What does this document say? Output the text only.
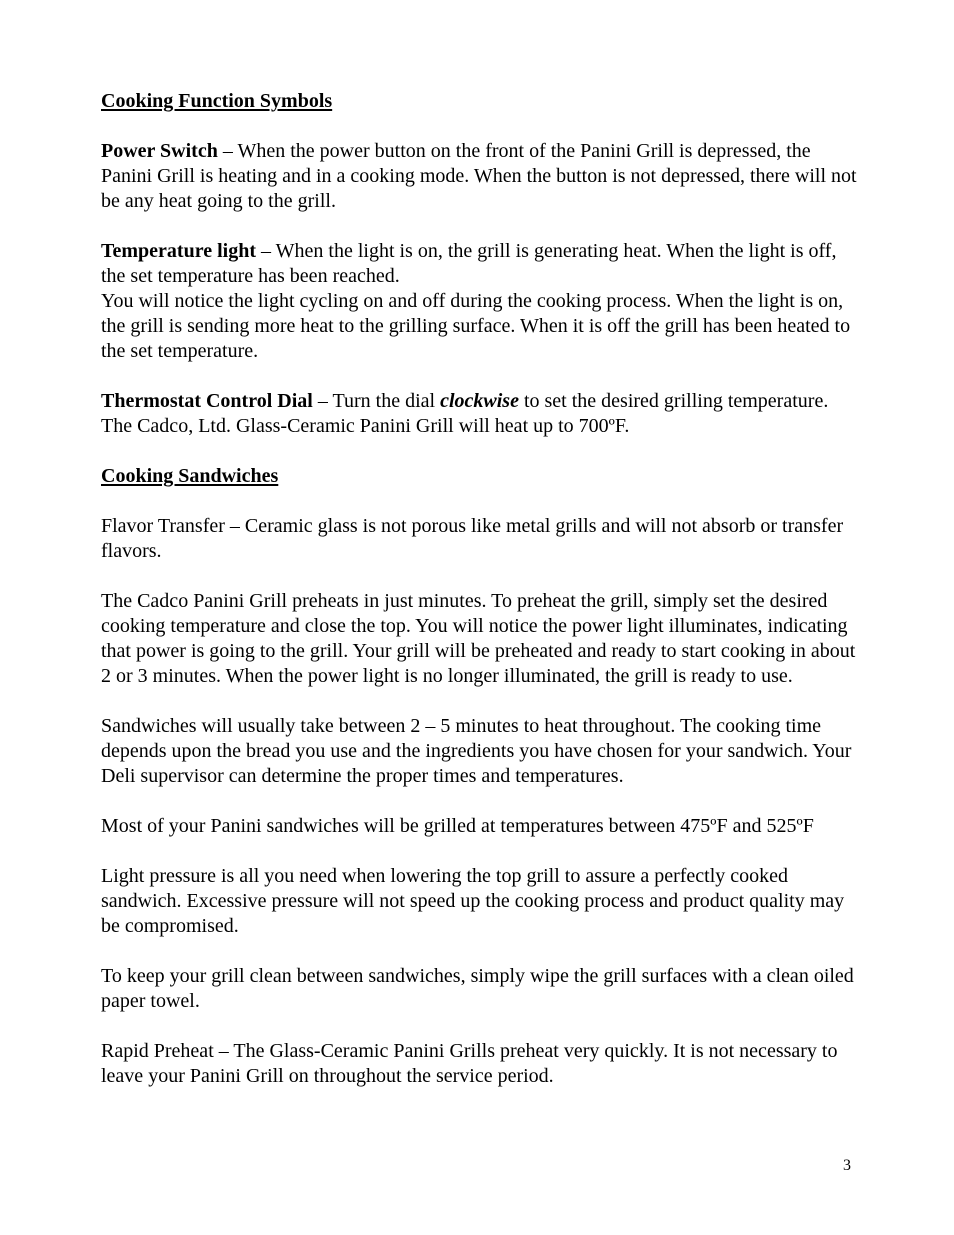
Cooking Function Symbols

Power Switch – When the power button on the front of the Panini Grill is depressed, the Panini Grill is heating and in a cooking mode. When the button is not depressed, there will not be any heat going to the grill.

Temperature light – When the light is on, the grill is generating heat. When the light is off, the set temperature has been reached.

You will notice the light cycling on and off during the cooking process. When the light is on, the grill is sending more heat to the grilling surface. When it is off the grill has been heated to the set temperature.

Thermostat Control Dial – Turn the dial clockwise to set the desired grilling temperature. The Cadco, Ltd. Glass-Ceramic Panini Grill will heat up to 700ºF.

Cooking Sandwiches

Flavor Transfer – Ceramic glass is not porous like metal grills and will not absorb or transfer flavors.

The Cadco Panini Grill preheats in just minutes. To preheat the grill, simply set the desired cooking temperature and close the top. You will notice the power light illuminates, indicating that power is going to the grill. Your grill will be preheated and ready to start cooking in about 2 or 3 minutes. When the power light is no longer illuminated, the grill is ready to use.

Sandwiches will usually take between 2 – 5 minutes to heat throughout. The cooking time depends upon the bread you use and the ingredients you have chosen for your sandwich. Your Deli supervisor can determine the proper times and temperatures.

Most of your Panini sandwiches will be grilled at temperatures between 475ºF and 525ºF

Light pressure is all you need when lowering the top grill to assure a perfectly cooked sandwich. Excessive pressure will not speed up the cooking process and product quality may be compromised.

To keep your grill clean between sandwiches, simply wipe the grill surfaces with a clean oiled paper towel.

Rapid Preheat – The Glass-Ceramic Panini Grills preheat very quickly. It is not necessary to leave your Panini Grill on throughout the service period.

3
